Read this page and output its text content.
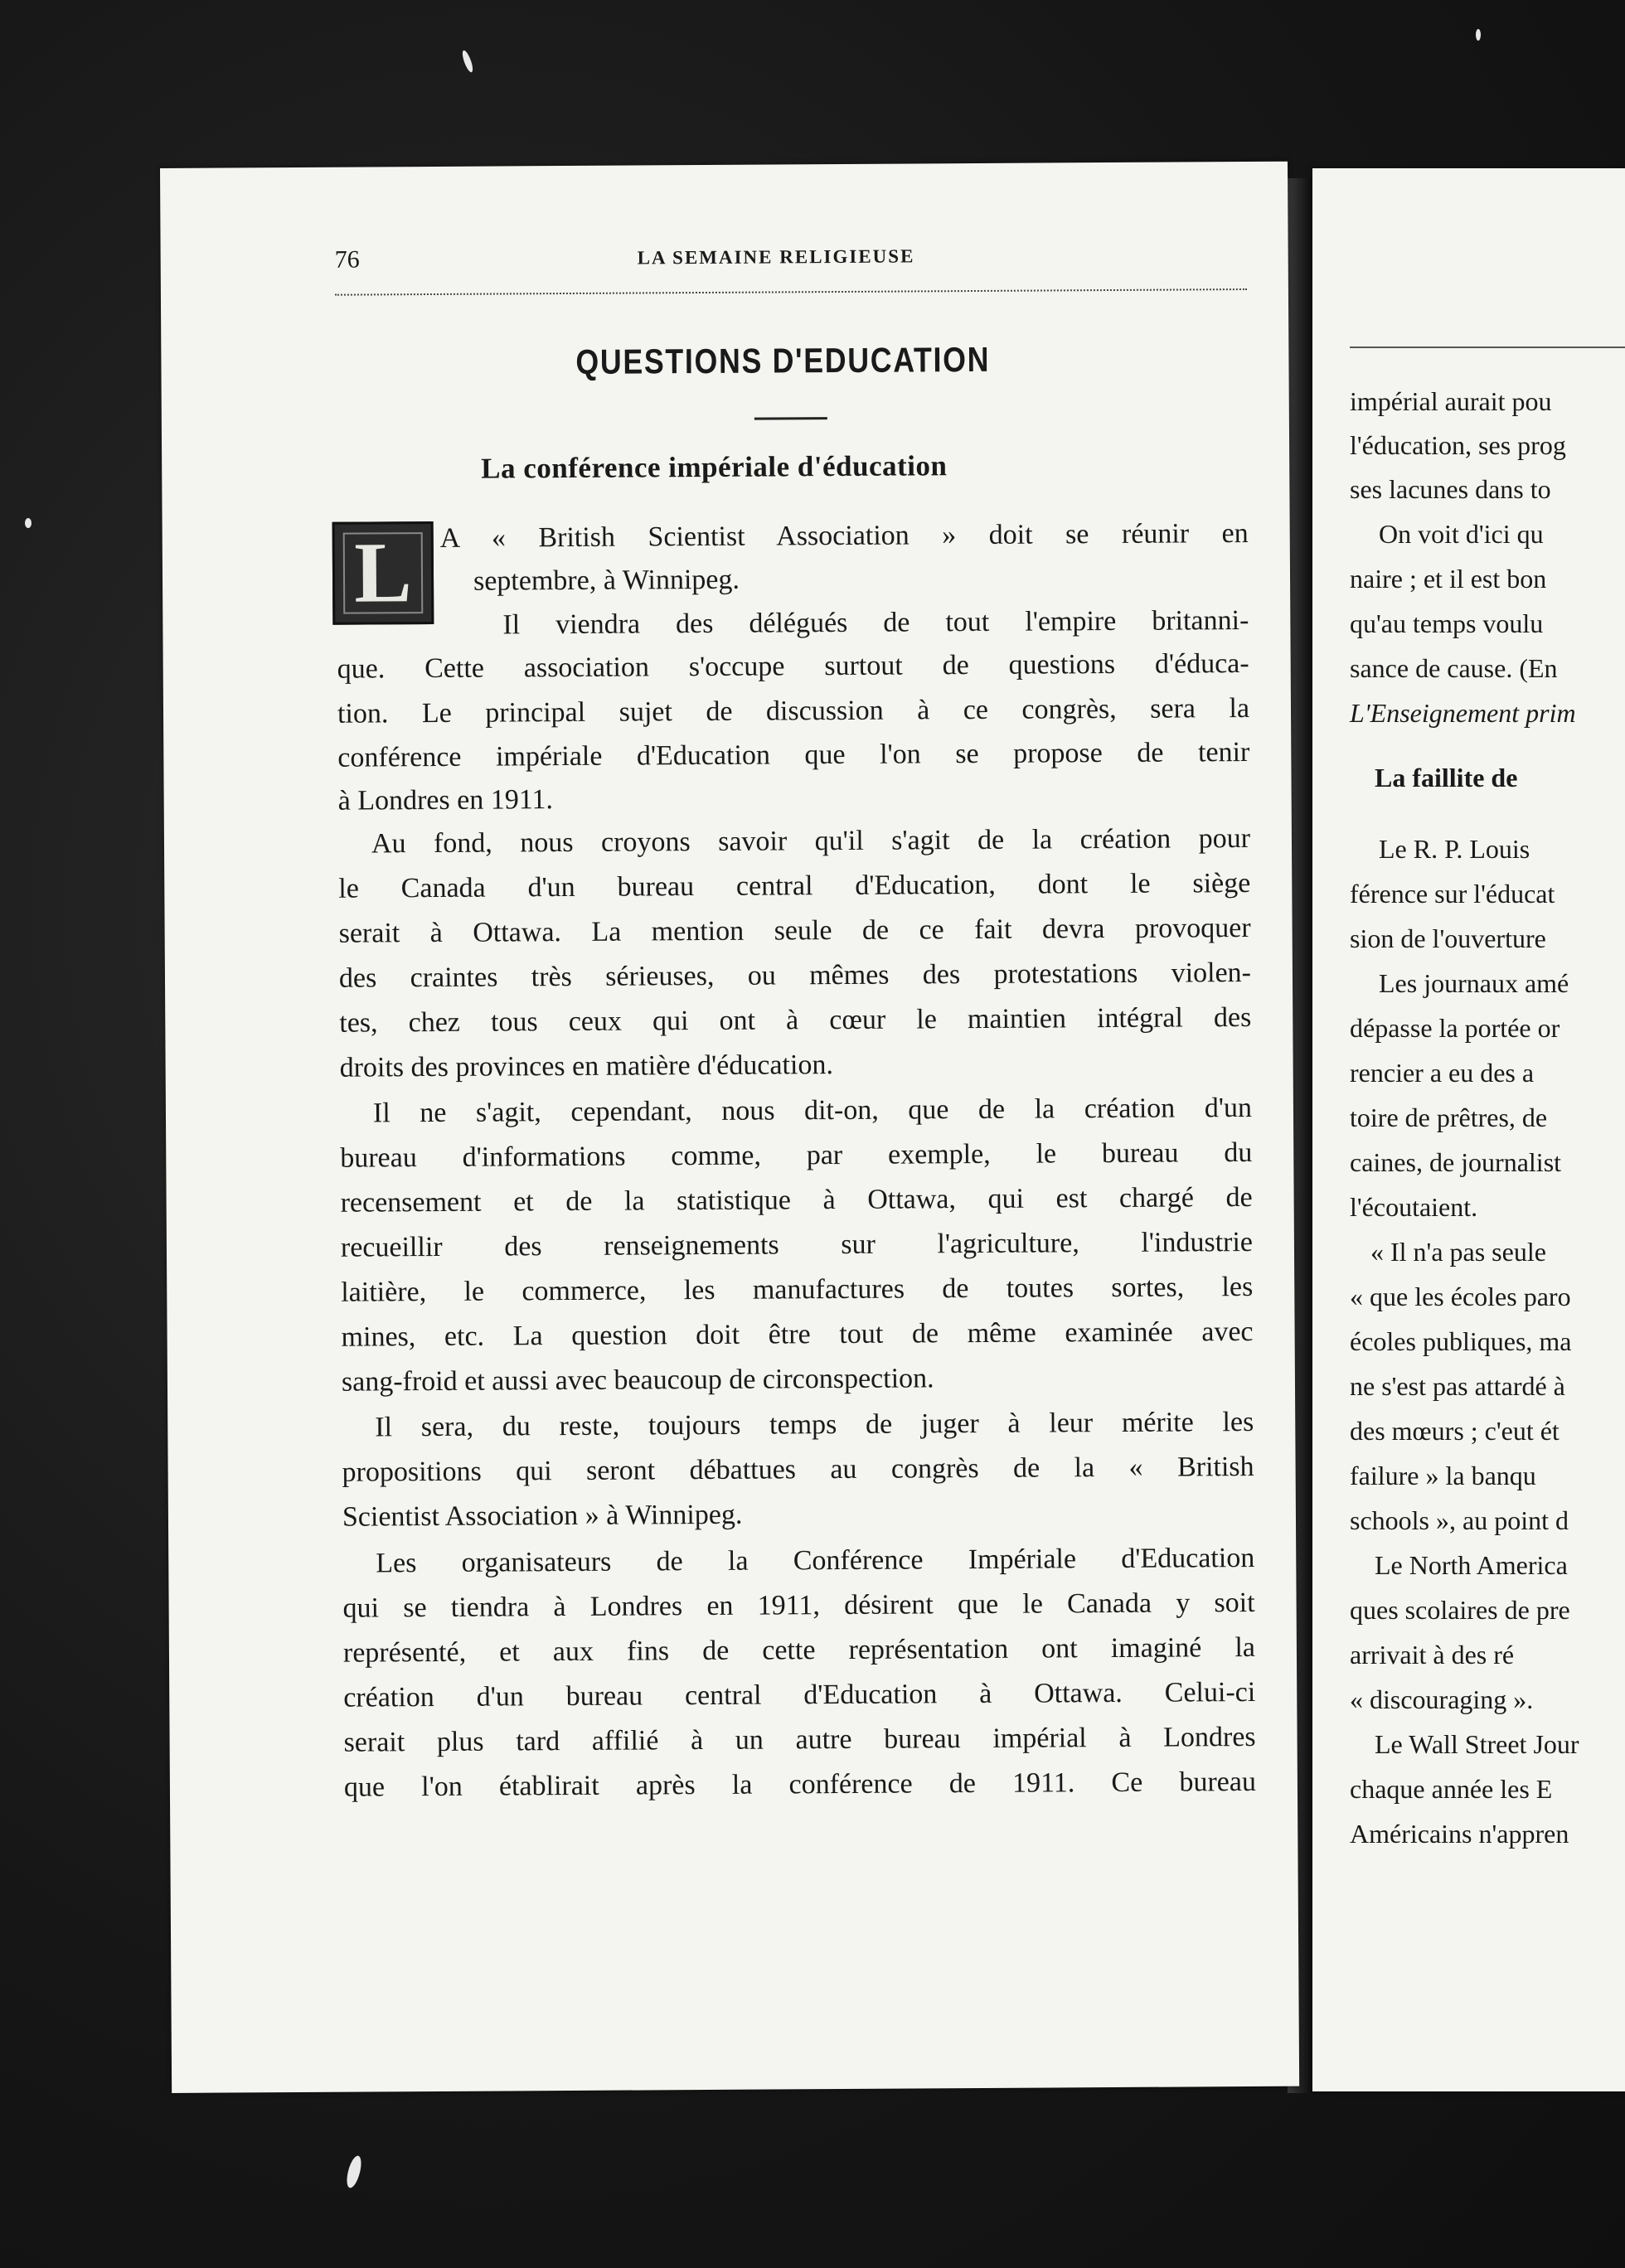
76	LA SEMAINE RELIGIEUSE
QUESTIONS D'EDUCATION
La conférence impériale d'éducation
L A « British Scientist Association » doit se réunir en
septembre, à Winnipeg.
Il viendra des délégués de tout l'empire britanni-
que. Cette association s'occupe surtout de questions d'éduca-
tion. Le principal sujet de discussion à ce congrès, sera la
conférence impériale d'Education que l'on se propose de tenir
à Londres en 1911.
Au fond, nous croyons savoir qu'il s'agit de la création pour
le Canada d'un bureau central d'Education, dont le siège
serait à Ottawa. La mention seule de ce fait devra provoquer
des craintes très sérieuses, ou mêmes des protestations violen-
tes, chez tous ceux qui ont à cœur le maintien intégral des
droits des provinces en matière d'éducation.
Il ne s'agit, cependant, nous dit-on, que de la création d'un
bureau d'informations comme, par exemple, le bureau du
recensement et de la statistique à Ottawa, qui est chargé de
recueillir des renseignements sur l'agriculture, l'industrie
laitière, le commerce, les manufactures de toutes sortes, les
mines, etc. La question doit être tout de même examinée avec
sang-froid et aussi avec beaucoup de circonspection.
Il sera, du reste, toujours temps de juger à leur mérite les
propositions qui seront débattues au congrès de la « British
Scientist Association » à Winnipeg.
Les organisateurs de la Conférence Impériale d'Education
qui se tiendra à Londres en 1911, désirent que le Canada y soit
représenté, et aux fins de cette représentation ont imaginé la
création d'un bureau central d'Education à Ottawa. Celui-ci
serait plus tard affilié à un autre bureau impérial à Londres
que l'on établirait après la conférence de 1911. Ce bureau
impérial aurait pou
l'éducation, ses prog
ses lacunes dans to
On voit d'ici qu
naire ; et il est bon
qu'au temps voulu
sance de cause. (En
L'Enseignement prim
La faillite de
Le R. P. Louis
férence sur l'éducat
sion de l'ouverture
Les journaux amé
dépasse la portée or
rencier a eu des a
toire de prêtres, de
caines, de journalist
l'écoutaient.
« Il n'a pas seule
« que les écoles paro
écoles publiques, ma
ne s'est pas attardé à
des mœurs ; c'eut ét
failure » la banqu
schools », au point d
Le North America
ques scolaires de pre
arrivait à des ré
« discouraging ».
Le Wall Street Jour
chaque année les E
Américains n'appren
